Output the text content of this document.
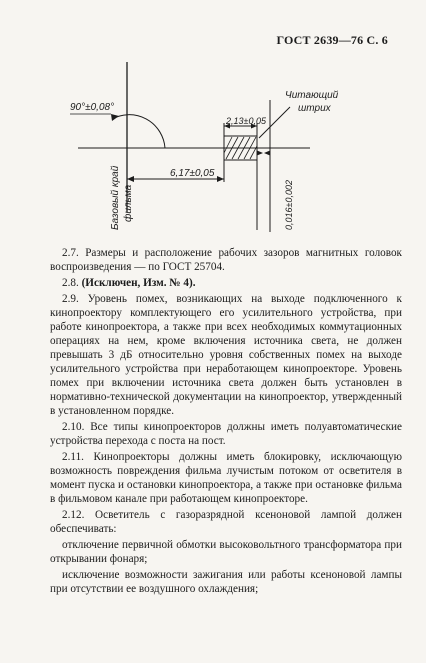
ГОСТ 2639—76 С. 6
90°±0,08°
2,13±0,05
6,17±0,05
Читающий
штрих
0,016±0,002
Базовый край фильма

2.7. Размеры и расположение рабочих зазоров магнитных головок воспроизведения — по ГОСТ 25704.

2.8. (Исключен, Изм. № 4).

2.9. Уровень помех, возникающих на выходе подключенного к кинопроектору комплектующего его усилительного устройства, при работе кинопроектора, а также при всех необходимых коммутационных операциях на нем, кроме включения источника света, не должен превышать 3 дБ относительно уровня собственных помех на выходе усилительного устройства при неработающем кинопроекторе. Уровень помех при включении источника света должен быть установлен в нормативно-технической документации на кинопроектор, утвержденный в установленном порядке.

2.10. Все типы кинопроекторов должны иметь полуавтоматические устройства перехода с поста на пост.

2.11. Кинопроекторы должны иметь блокировку, исключающую возможность повреждения фильма лучистым потоком от осветителя в момент пуска и остановки кинопроектора, а также при остановке фильма в фильмовом канале при работающем кинопроекторе.

2.12. Осветитель с газоразрядной ксеноновой лампой должен обеспечивать:

отключение первичной обмотки высоковольтного трансформатора при открывании фонаря;

исключение возможности зажигания или работы ксеноновой лампы при отсутствии ее воздушного охлаждения;
